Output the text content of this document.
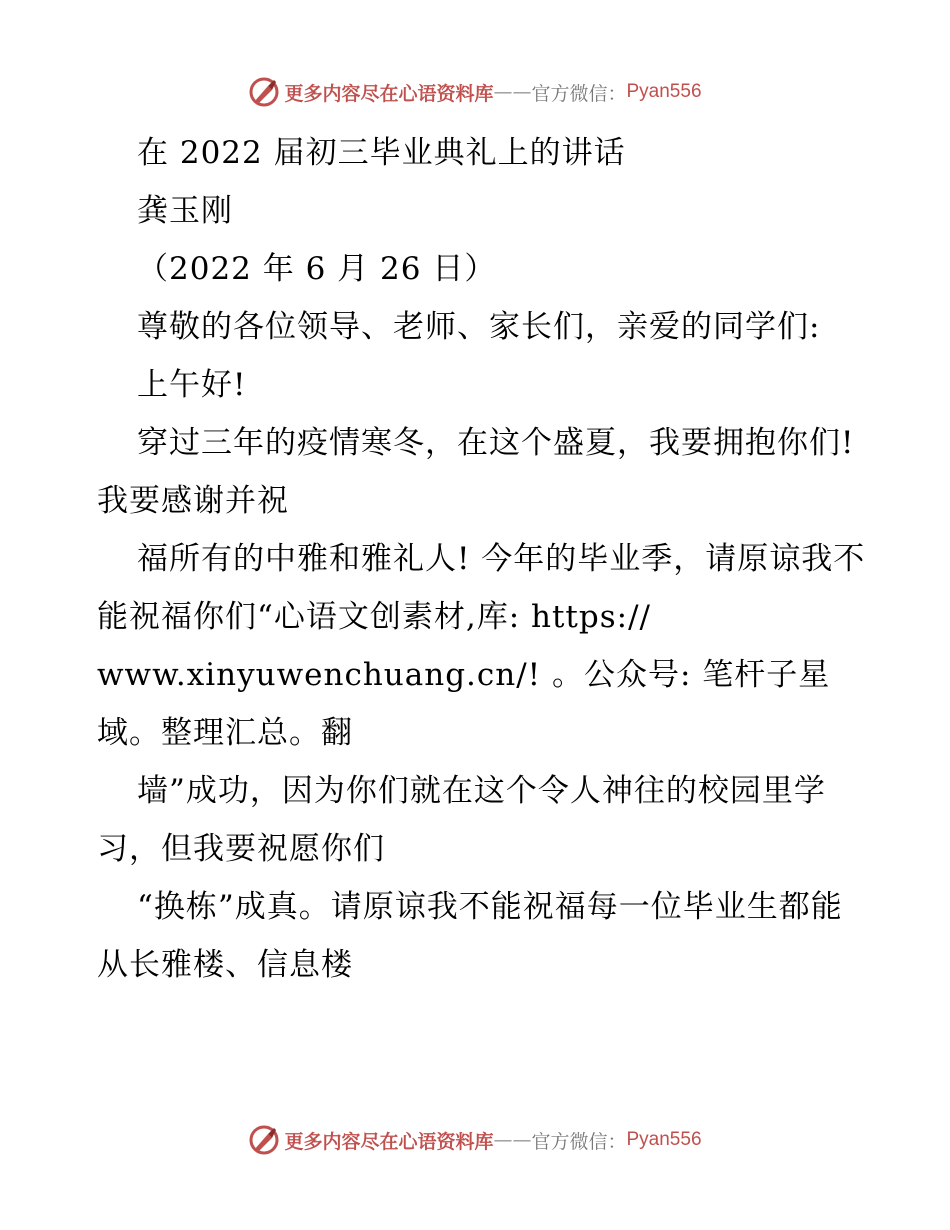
更多内容尽在心语资料库 —— 官方微信： Pyan556

在 2022 届初三毕业典礼上的讲话

龚玉刚

（2022 年 6 月 26 日）

尊敬的各位领导、老师、家长们，亲爱的同学们:

上午好!

穿过三年的疫情寒冬，在这个盛夏，我要拥抱你们! 我要感谢并祝

福所有的中雅和雅礼人! 今年的毕业季，请原谅我不能祝福你们“心语文创素材,库: https://

www.xinyuwenchuang.cn/! 。公众号: 笔杆子星域。整理汇总。翻

墙”成功，因为你们就在这个令人神往的校园里学习，但我要祝愿你们

“换栋”成真。请原谅我不能祝福每一位毕业生都能从长雅楼、信息楼

更多内容尽在心语资料库 —— 官方微信： Pyan556
